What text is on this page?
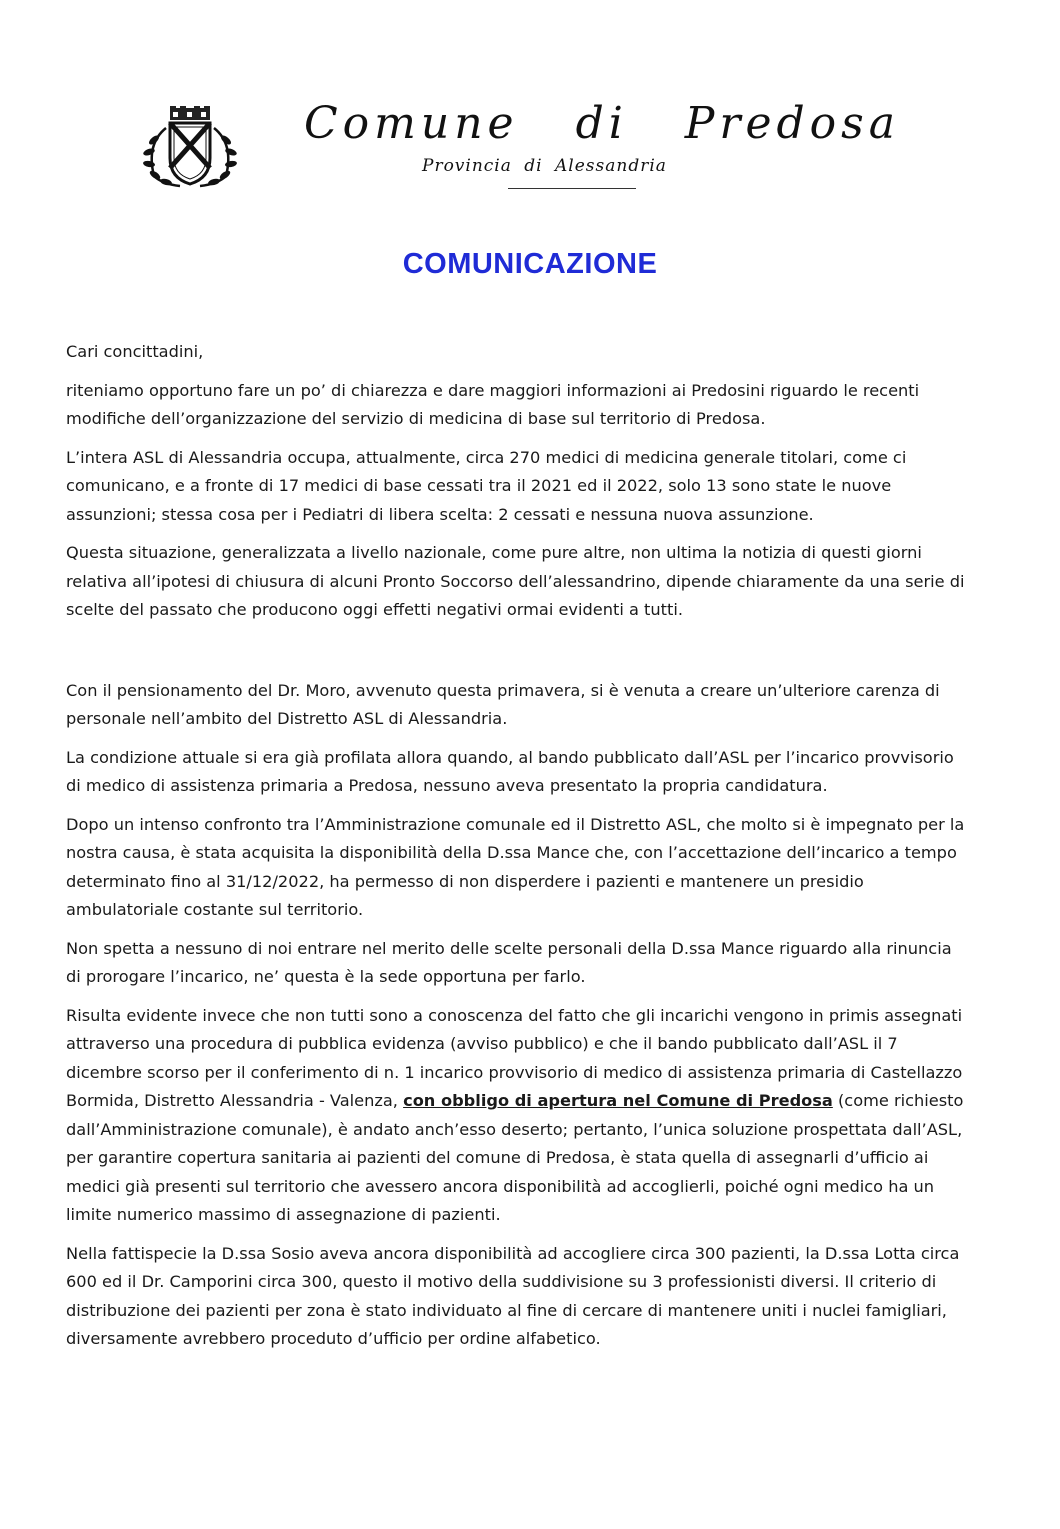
Comune di Predosa
Provincia di Alessandria
COMUNICAZIONE

Cari concittadini,

riteniamo opportuno fare un po’ di chiarezza e dare maggiori informazioni ai Predosini riguardo le recenti modifiche dell’organizzazione del servizio di medicina di base sul territorio di Predosa.

L’intera ASL di Alessandria occupa, attualmente, circa 270 medici di medicina generale titolari, come ci comunicano, e a fronte di 17 medici di base cessati tra il 2021 ed il 2022, solo 13 sono state le nuove assunzioni; stessa cosa per i Pediatri di libera scelta: 2 cessati e nessuna nuova assunzione.

Questa situazione, generalizzata a livello nazionale, come pure altre, non ultima la notizia di questi giorni relativa all’ipotesi di chiusura di alcuni Pronto Soccorso dell’alessandrino, dipende chiaramente da una serie di scelte del passato che producono oggi effetti negativi ormai evidenti a tutti.

Con il pensionamento del Dr. Moro, avvenuto questa primavera, si è venuta a creare un’ulteriore carenza di personale nell’ambito del Distretto ASL di Alessandria.

La condizione attuale si era già profilata allora quando, al bando pubblicato dall’ASL per l’incarico provvisorio di medico di assistenza primaria a Predosa, nessuno aveva presentato la propria candidatura.

Dopo un intenso confronto tra l’Amministrazione comunale ed il Distretto ASL, che molto si è impegnato per la nostra causa, è stata acquisita la disponibilità della D.ssa Mance che, con l’accettazione dell’incarico a tempo determinato fino al 31/12/2022, ha permesso di non disperdere i pazienti e mantenere un presidio ambulatoriale costante sul territorio.

Non spetta a nessuno di noi entrare nel merito delle scelte personali della D.ssa Mance riguardo alla rinuncia di prorogare l’incarico, ne’ questa è la sede opportuna per farlo.

Risulta evidente invece che non tutti sono a conoscenza del fatto che gli incarichi vengono in primis assegnati attraverso una procedura di pubblica evidenza (avviso pubblico) e che il bando pubblicato dall’ASL il 7 dicembre scorso per il conferimento di n. 1 incarico provvisorio di medico di assistenza primaria di Castellazzo Bormida, Distretto Alessandria - Valenza, con obbligo di apertura nel Comune di Predosa (come richiesto dall’Amministrazione comunale), è andato anch’esso deserto; pertanto, l’unica soluzione prospettata dall’ASL, per garantire copertura sanitaria ai pazienti del comune di Predosa, è stata quella di assegnarli d’ufficio ai medici già presenti sul territorio che avessero ancora disponibilità ad accoglierli, poiché ogni medico ha un limite numerico massimo di assegnazione di pazienti.

Nella fattispecie la D.ssa Sosio aveva ancora disponibilità ad accogliere circa 300 pazienti, la D.ssa Lotta circa 600 ed il Dr. Camporini circa 300, questo il motivo della suddivisione su 3 professionisti diversi. Il criterio di distribuzione dei pazienti per zona è stato individuato al fine di cercare di mantenere uniti i nuclei famigliari, diversamente avrebbero proceduto d’ufficio per ordine alfabetico.
